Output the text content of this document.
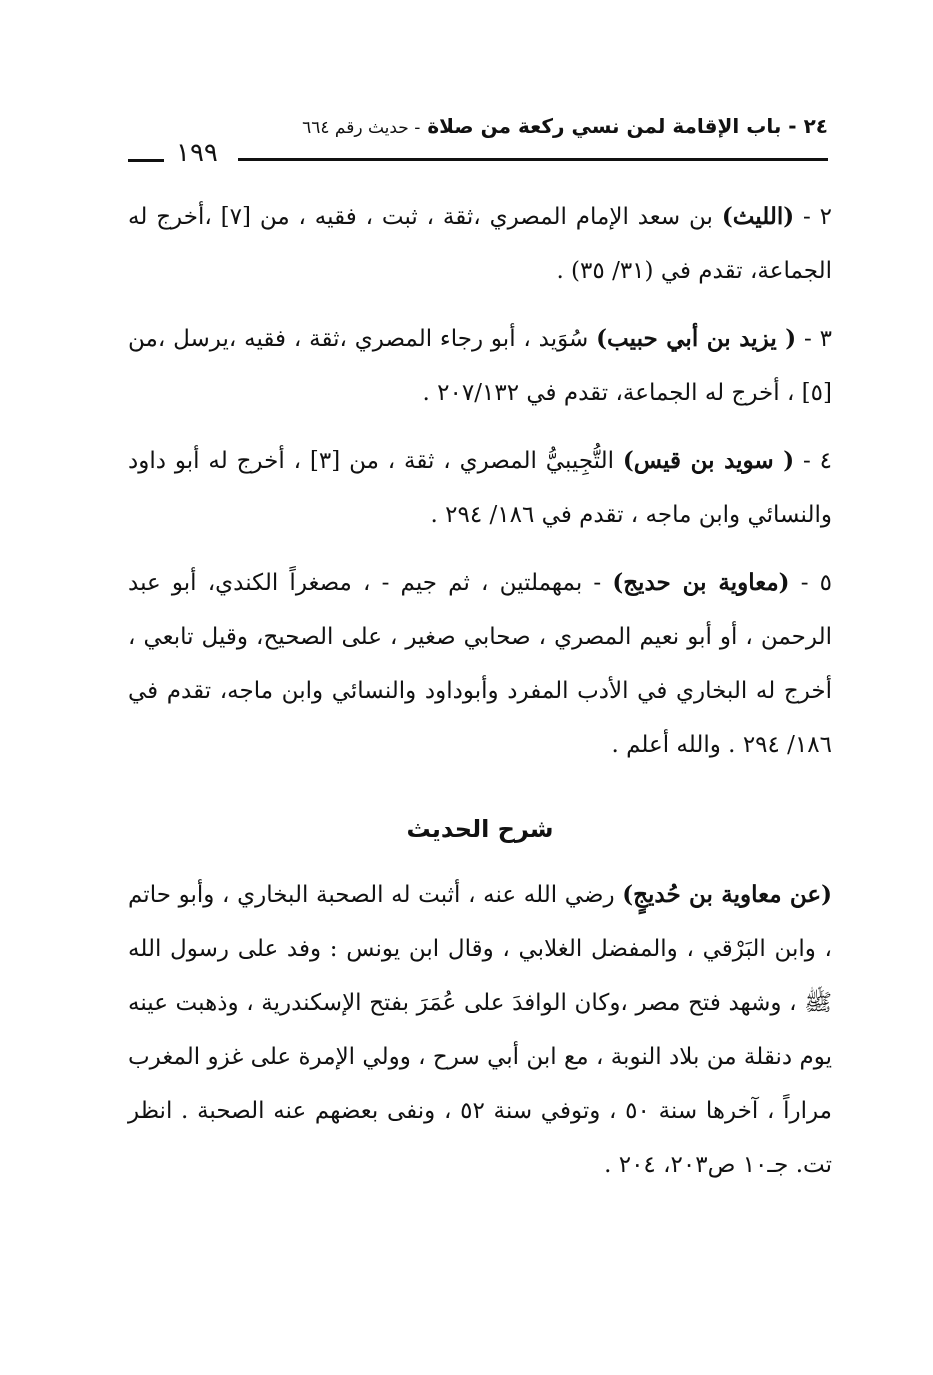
٢٤ - باب الإقامة لمن نسي ركعة من صلاة - حديث رقم ٦٦٤
١٩٩

٢ - (الليث) بن سعد الإمام المصري ،ثقة ، ثبت ، فقيه ، من [٧] ،أخرج له الجماعة، تقدم في (٣١/ ٣٥) .

٣ - ( يزيد بن أبي حبيب) سُوَيد ، أبو رجاء المصري ،ثقة ، فقيه ،يرسل ،من [٥] ، أخرج له الجماعة، تقدم في ٢٠٧/١٣٢ .

٤ - ( سويد بن قيس) التُّجِيبيُّ المصري ، ثقة ، من [٣] ، أخرج له أبو داود والنسائي وابن ماجه ، تقدم في ١٨٦/ ٢٩٤ .

٥ - (معاوية بن حديج) - بمهملتين ، ثم جيم - ، مصغراً الكندي، أبو عبد الرحمن ، أو أبو نعيم المصري ، صحابي صغير ، على الصحيح، وقيل تابعي ، أخرج له البخاري في الأدب المفرد وأبوداود والنسائي وابن ماجه، تقدم في ١٨٦/ ٢٩٤ . والله أعلم .

شرح الحديث

(عن معاوية بن حُديجٍ) رضي الله عنه ، أثبت له الصحبة البخاري ، وأبو حاتم ، وابن البَرْقي ، والمفضل الغلابي ، وقال ابن يونس : وفد على رسول الله ﷺ ، وشهد فتح مصر ،وكان الوافدَ على عُمَرَ بفتح الإسكندرية ، وذهبت عينه يوم دنقلة من بلاد النوبة ، مع ابن أبي سرح ، وولي الإمرة على غزو المغرب مراراً ، آخرها سنة ٥٠ ، وتوفي سنة ٥٢ ، ونفى بعضهم عنه الصحبة . انظر تت. جـ١٠ ص٢٠٣، ٢٠٤ .
